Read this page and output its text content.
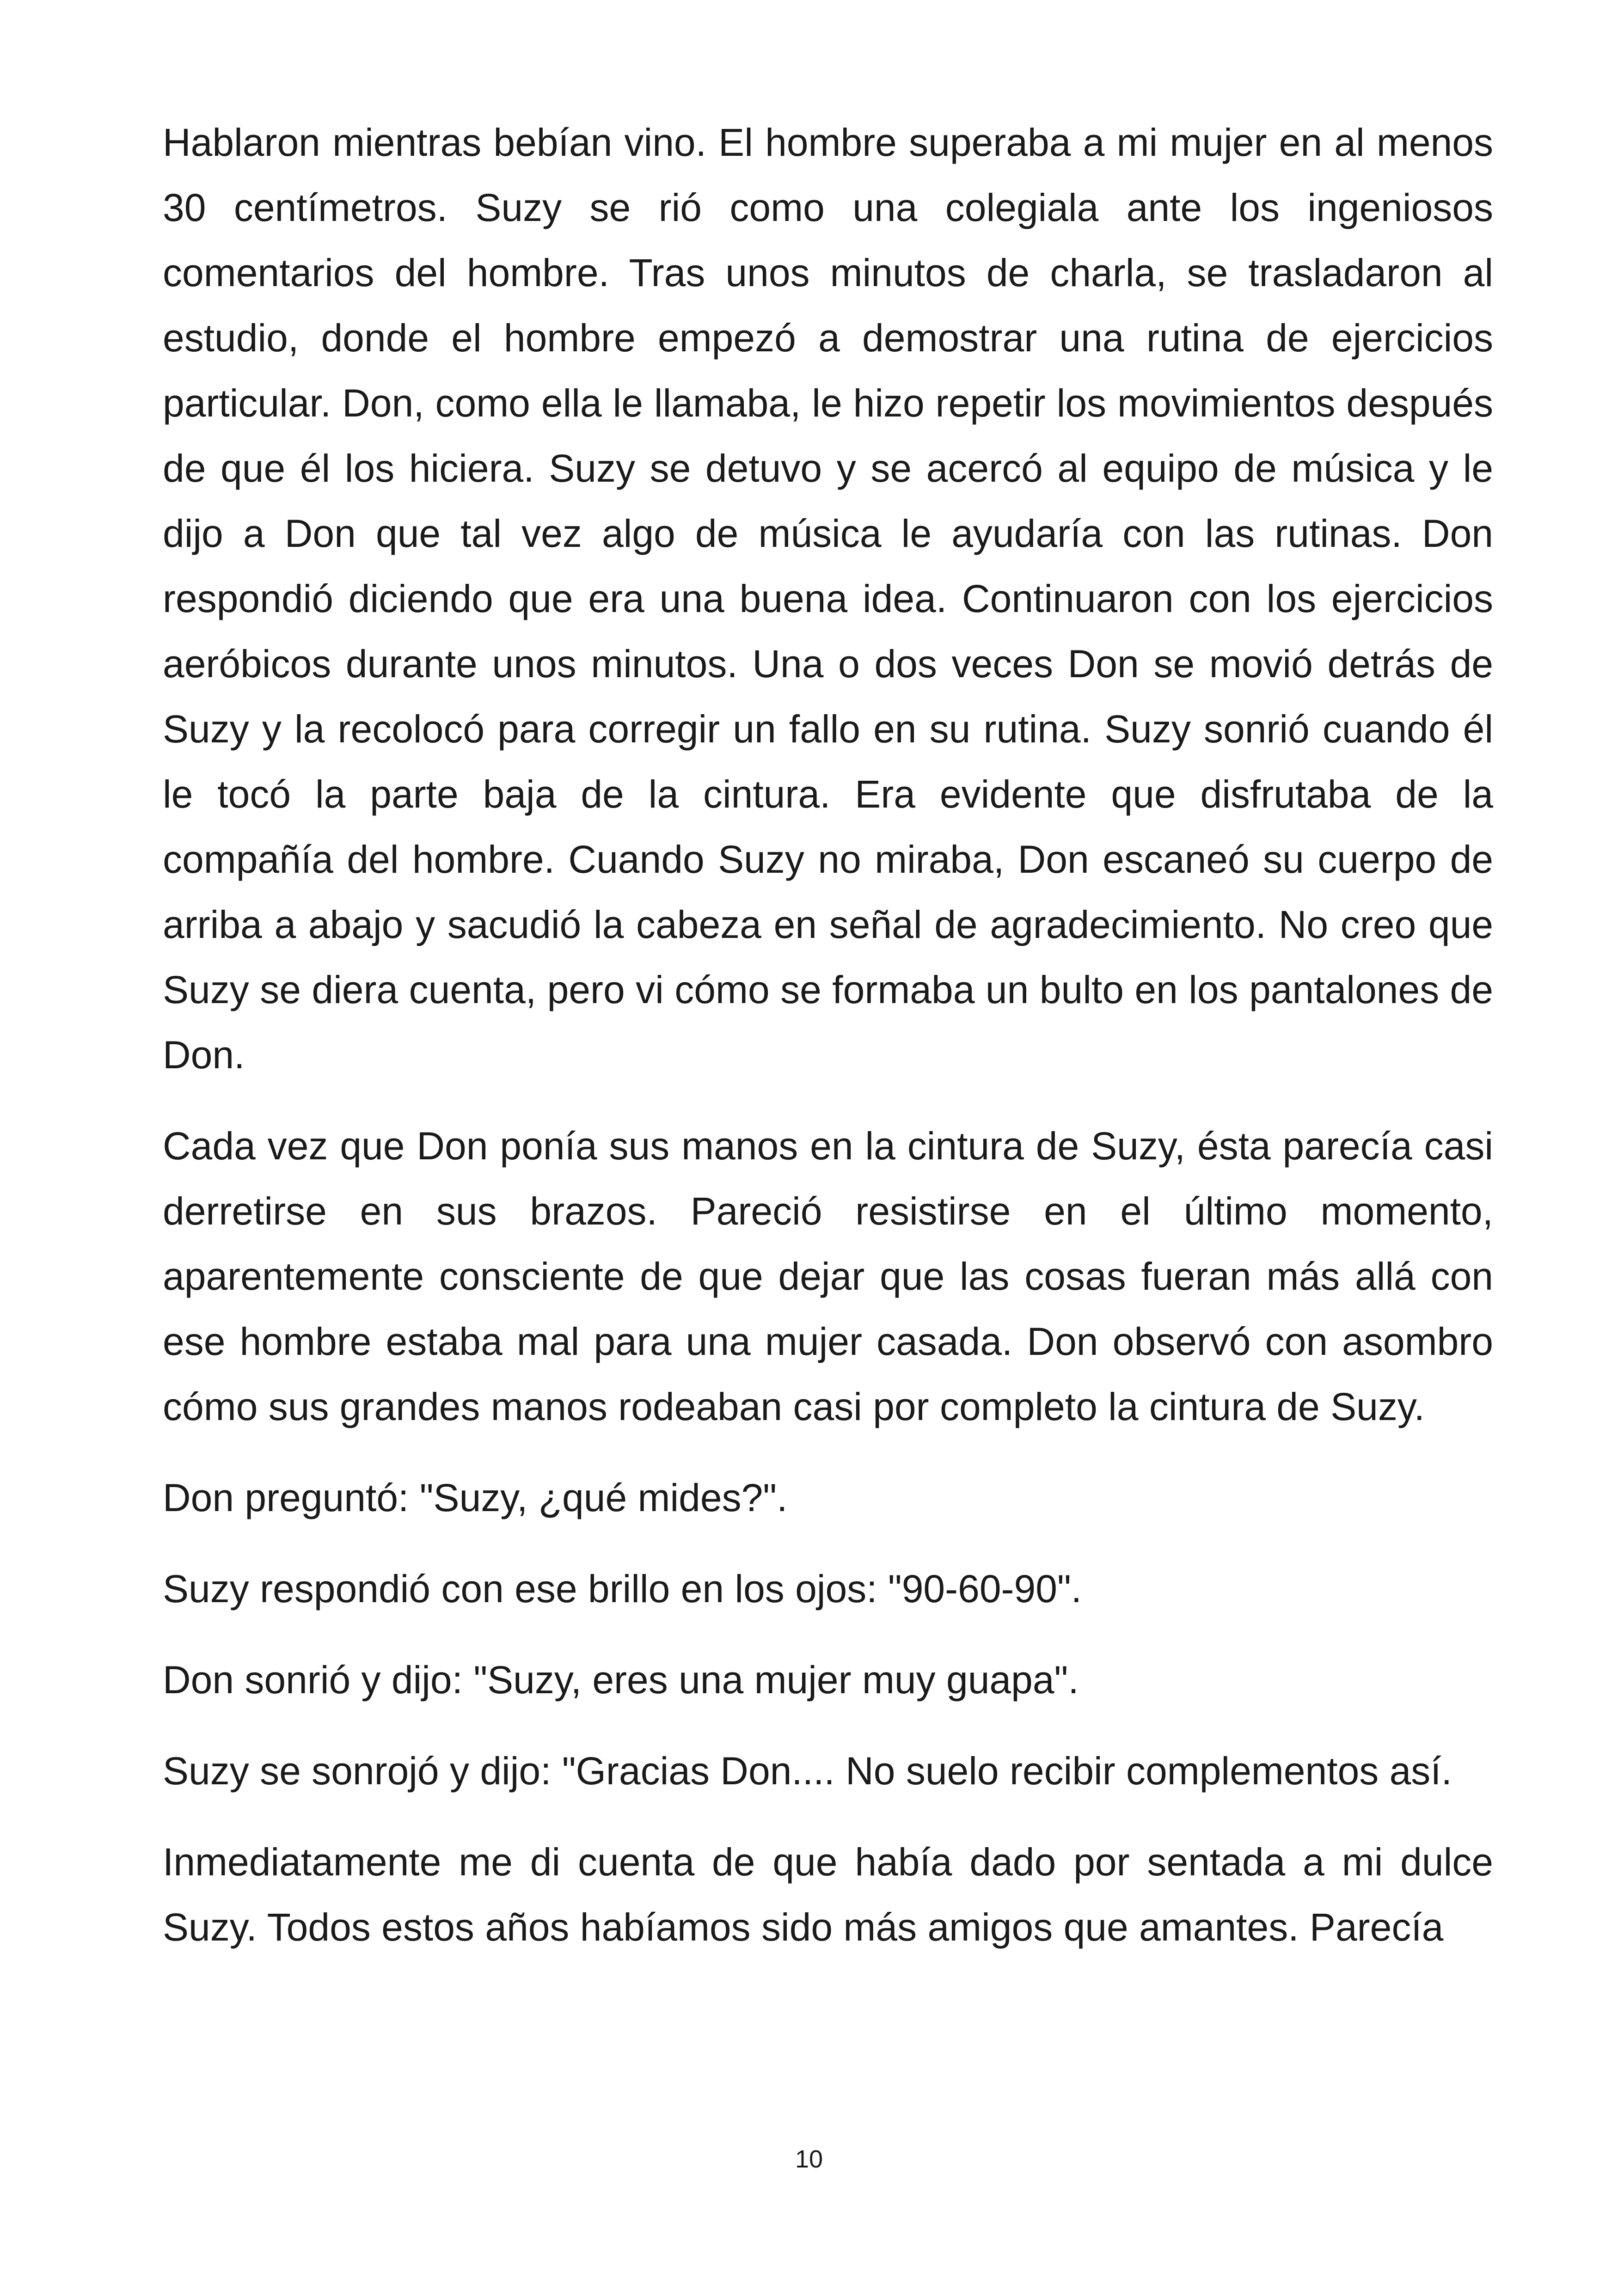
Hablaron mientras bebían vino. El hombre superaba a mi mujer en al menos 30 centímetros. Suzy se rió como una colegiala ante los ingeniosos comentarios del hombre. Tras unos minutos de charla, se trasladaron al estudio, donde el hombre empezó a demostrar una rutina de ejercicios particular. Don, como ella le llamaba, le hizo repetir los movimientos después de que él los hiciera. Suzy se detuvo y se acercó al equipo de música y le dijo a Don que tal vez algo de música le ayudaría con las rutinas. Don respondió diciendo que era una buena idea. Continuaron con los ejercicios aeróbicos durante unos minutos. Una o dos veces Don se movió detrás de Suzy y la recolocó para corregir un fallo en su rutina. Suzy sonrió cuando él le tocó la parte baja de la cintura. Era evidente que disfrutaba de la compañía del hombre. Cuando Suzy no miraba, Don escaneó su cuerpo de arriba a abajo y sacudió la cabeza en señal de agradecimiento. No creo que Suzy se diera cuenta, pero vi cómo se formaba un bulto en los pantalones de Don.

Cada vez que Don ponía sus manos en la cintura de Suzy, ésta parecía casi derretirse en sus brazos. Pareció resistirse en el último momento, aparentemente consciente de que dejar que las cosas fueran más allá con ese hombre estaba mal para una mujer casada. Don observó con asombro cómo sus grandes manos rodeaban casi por completo la cintura de Suzy.

Don preguntó: "Suzy, ¿qué mides?".

Suzy respondió con ese brillo en los ojos: "90-60-90".

Don sonrió y dijo: "Suzy, eres una mujer muy guapa".

Suzy se sonrojó y dijo: "Gracias Don.... No suelo recibir complementos así.

Inmediatamente me di cuenta de que había dado por sentada a mi dulce Suzy. Todos estos años habíamos sido más amigos que amantes. Parecía

10
